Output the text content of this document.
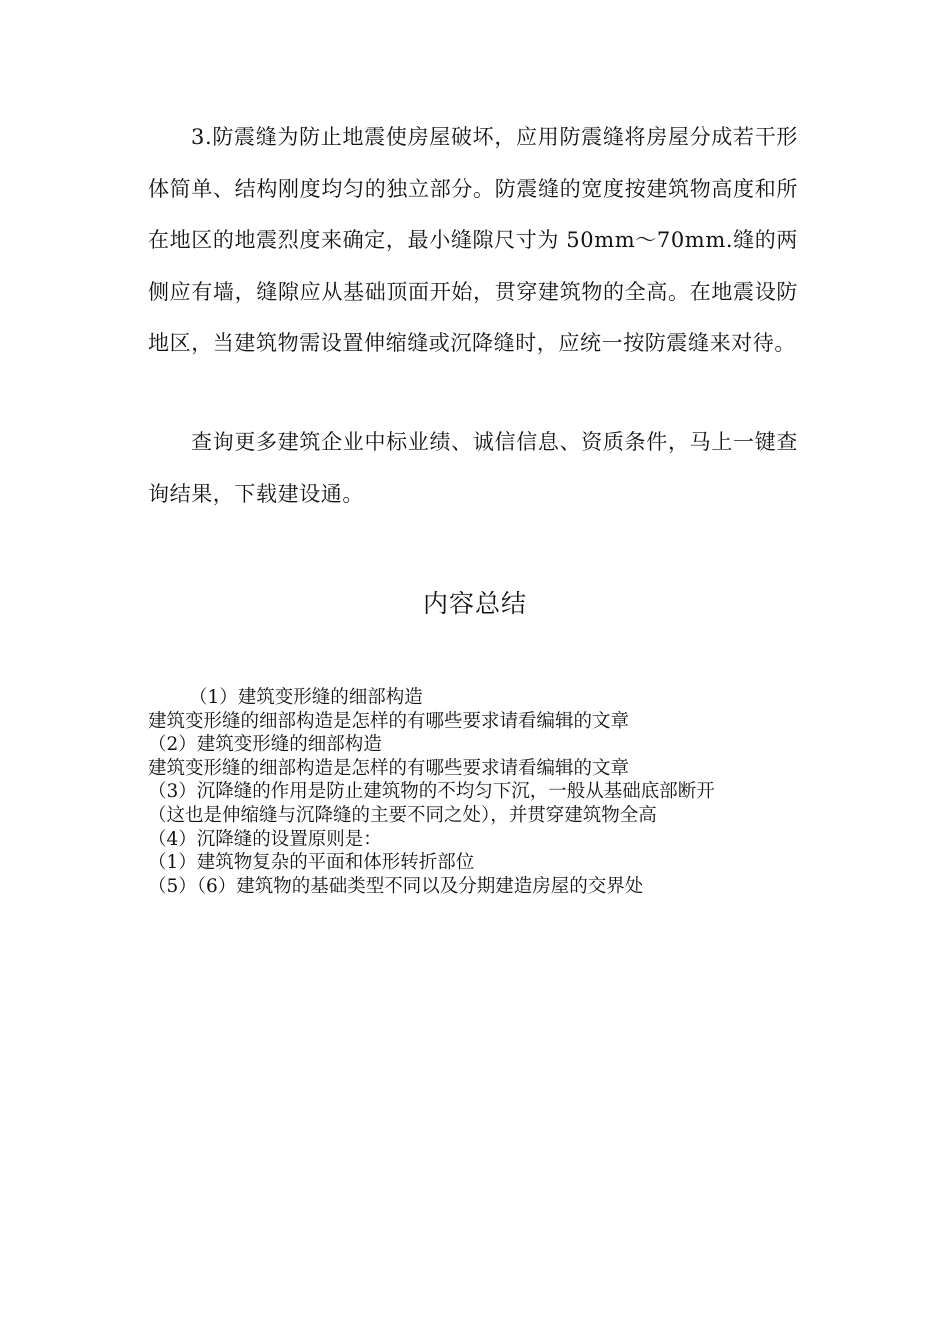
3.防震缝为防止地震使房屋破坏，应用防震缝将房屋分成若干形体简单、结构刚度均匀的独立部分。防震缝的宽度按建筑物高度和所在地区的地震烈度来确定，最小缝隙尺寸为 50mm～70mm.缝的两侧应有墙，缝隙应从基础顶面开始，贯穿建筑物的全高。在地震设防地区，当建筑物需设置伸缩缝或沉降缝时，应统一按防震缝来对待。

查询更多建筑企业中标业绩、诚信信息、资质条件，马上一键查询结果，下载建设通。

内容总结
（1）建筑变形缝的细部构造
建筑变形缝的细部构造是怎样的有哪些要求请看编辑的文章
（2）建筑变形缝的细部构造
建筑变形缝的细部构造是怎样的有哪些要求请看编辑的文章
（3）沉降缝的作用是防止建筑物的不均匀下沉，一般从基础底部断开
（这也是伸缩缝与沉降缝的主要不同之处），并贯穿建筑物全高
（4）沉降缝的设置原则是：
（1）建筑物复杂的平面和体形转折部位
（5）（6）建筑物的基础类型不同以及分期建造房屋的交界处
